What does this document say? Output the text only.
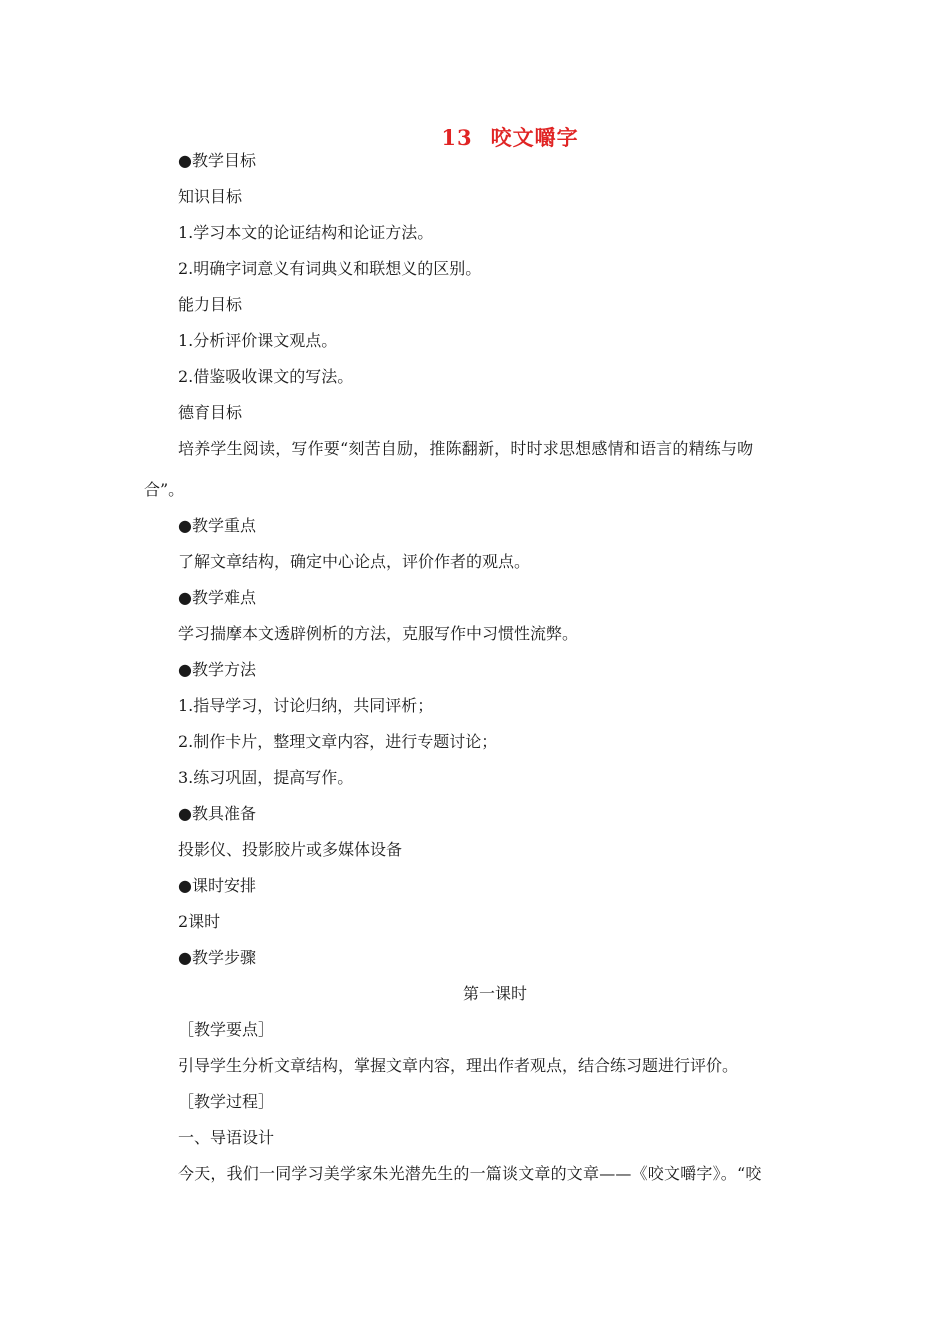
13 咬文嚼字
●教学目标
知识目标
1.学习本文的论证结构和论证方法。
2.明确字词意义有词典义和联想义的区别。
能力目标
1.分析评价课文观点。
2.借鉴吸收课文的写法。
德育目标
培养学生阅读，写作要“刻苦自励，推陈翻新，时时求思想感情和语言的精练与吻
合”。
●教学重点
了解文章结构，确定中心论点，评价作者的观点。
●教学难点
学习揣摩本文透辟例析的方法，克服写作中习惯性流弊。
●教学方法
1.指导学习，讨论归纳，共同评析；
2.制作卡片，整理文章内容，进行专题讨论；
3.练习巩固，提高写作。
●教具准备
投影仪、投影胶片或多媒体设备
●课时安排
2课时
●教学步骤
第一课时
［教学要点］
引导学生分析文章结构，掌握文章内容，理出作者观点，结合练习题进行评价。
［教学过程］
一、导语设计
今天，我们一同学习美学家朱光潜先生的一篇谈文章的文章——《咬文嚼字》。“咬
